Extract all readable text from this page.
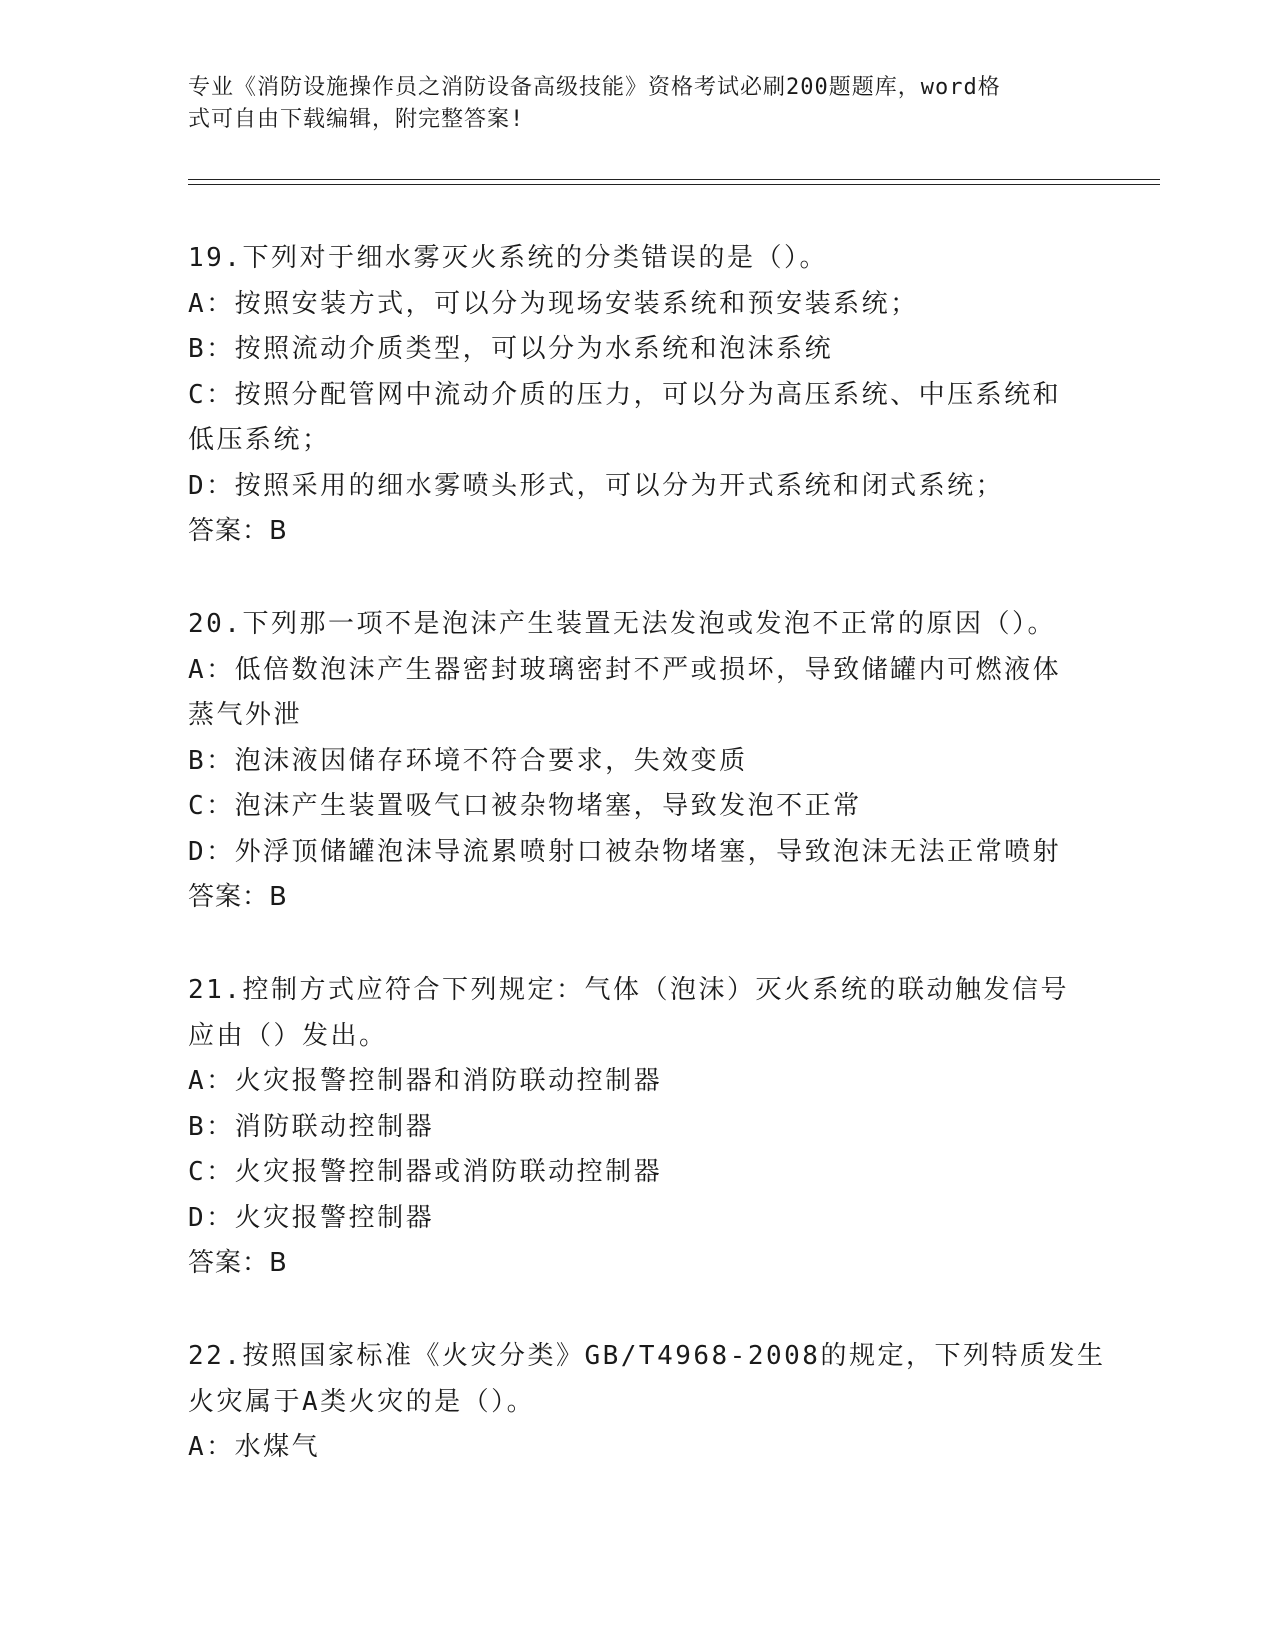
专业《消防设施操作员之消防设备高级技能》资格考试必刷200题题库，word格
式可自由下载编辑，附完整答案!
19.下列对于细水雾灭火系统的分类错误的是（）。
A：按照安装方式，可以分为现场安装系统和预安装系统；
B：按照流动介质类型，可以分为水系统和泡沫系统
C：按照分配管网中流动介质的压力，可以分为高压系统、中压系统和
低压系统；
D：按照采用的细水雾喷头形式，可以分为开式系统和闭式系统；
答案：B
20.下列那一项不是泡沫产生装置无法发泡或发泡不正常的原因（）。
A：低倍数泡沫产生器密封玻璃密封不严或损坏，导致储罐内可燃液体
蒸气外泄
B：泡沫液因储存环境不符合要求，失效变质
C：泡沫产生装置吸气口被杂物堵塞，导致发泡不正常
D：外浮顶储罐泡沫导流累喷射口被杂物堵塞，导致泡沫无法正常喷射
答案：B
21.控制方式应符合下列规定：气体（泡沫）灭火系统的联动触发信号
应由（）发出。
A：火灾报警控制器和消防联动控制器
B：消防联动控制器
C：火灾报警控制器或消防联动控制器
D：火灾报警控制器
答案：B
22.按照国家标准《火灾分类》GB/T4968-2008的规定，下列特质发生
火灾属于A类火灾的是（）。
A：水煤气
